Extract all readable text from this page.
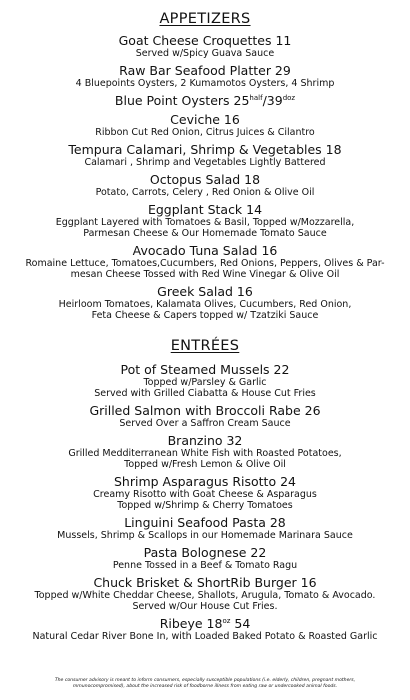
APPETIZERS
Goat Cheese Croquettes 11
Served w/Spicy Guava Sauce
Raw Bar Seafood Platter 29
4 Bluepoints Oysters, 2 Kumamotos Oysters, 4 Shrimp
Blue Point Oysters $25^{half}/39^{doz}$
Ceviche 16
Ribbon Cut Red Onion, Citrus Juices & Cilantro
Tempura Calamari, Shrimp & Vegetables 18
Calamari , Shrimp and Vegetables Lightly Battered
Octopus Salad 18
Potato, Carrots, Celery , Red Onion & Olive Oil
Eggplant Stack 14
Eggplant Layered with Tomatoes & Basil, Topped w/Mozzarella,
Parmesan Cheese & Our Homemade Tomato Sauce
Avocado Tuna Salad 16
Romaine Lettuce, Tomatoes,Cucumbers, Red Onions, Peppers, Olives & Par-
mesan Cheese Tossed with Red Wine Vinegar & Olive Oil
Greek Salad 16
Heirloom Tomatoes, Kalamata Olives, Cucumbers, Red Onion,
Feta Cheese & Capers topped w/ Tzatziki Sauce
ENTRÉES
Pot of Steamed Mussels 22
Topped w/Parsley & Garlic
Served with Grilled Ciabatta & House Cut Fries
Grilled Salmon with Broccoli Rabe 26
Served Over a Saffron Cream Sauce
Branzino 32
Grilled Medditerranean White Fish with Roasted Potatoes,
Topped w/Fresh Lemon & Olive Oil
Shrimp Asparagus Risotto 24
Creamy Risotto with Goat Cheese & Asparagus
Topped w/Shrimp & Cherry Tomatoes
Linguini Seafood Pasta 28
Mussels, Shrimp & Scallops in our Homemade Marinara Sauce
Pasta Bolognese 22
Penne Tossed in a Beef & Tomato Ragu
Chuck Brisket & ShortRib Burger 16
Topped w/White Cheddar Cheese, Shallots, Arugula, Tomato & Avocado.
Served w/Our House Cut Fries.
Ribeye $18^{oz}$ 54
Natural Cedar River Bone In, with Loaded Baked Potato & Roasted Garlic
The consumer advisory is meant to inform consumers, especially susceptible populations (i.e. elderly, children, pregnant mothers,
mmunocompromised), about the increased risk of foodborne illness from eating raw or undercooked animal foods.
